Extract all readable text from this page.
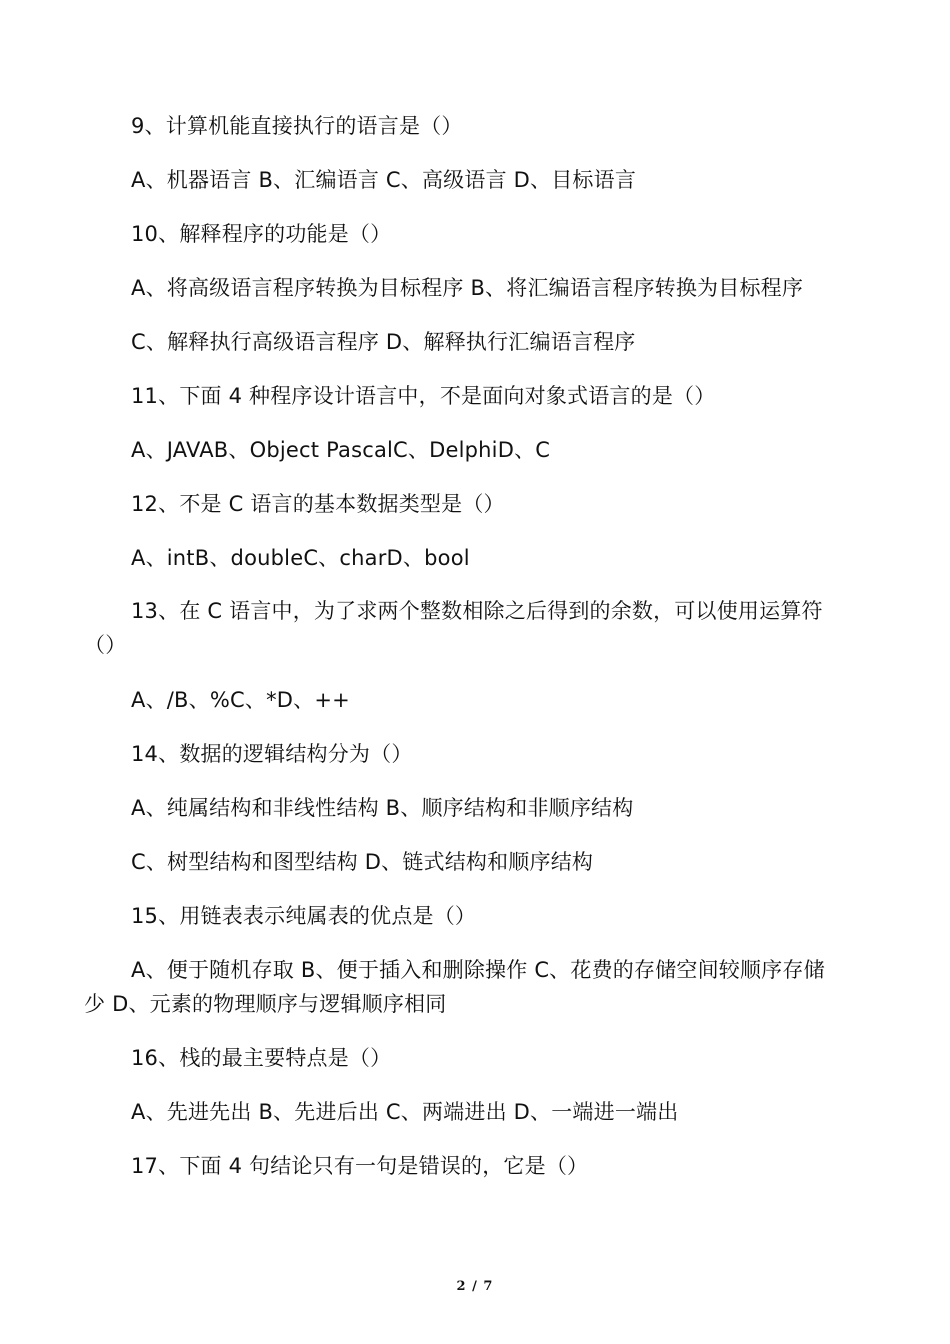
9、计算机能直接执行的语言是（）
A、机器语言 B、汇编语言 C、高级语言 D、目标语言
10、解释程序的功能是（）
A、将高级语言程序转换为目标程序 B、将汇编语言程序转换为目标程序
C、解释执行高级语言程序 D、解释执行汇编语言程序
11、下面 4 种程序设计语言中，不是面向对象式语言的是（）
A、JAVAB、Object PascalC、DelphiD、C
12、不是 C 语言的基本数据类型是（）
A、intB、doubleC、charD、bool
13、在 C 语言中，为了求两个整数相除之后得到的余数，可以使用运算符
（）
A、/B、%C、*D、++
14、数据的逻辑结构分为（）
A、纯属结构和非线性结构 B、顺序结构和非顺序结构
C、树型结构和图型结构 D、链式结构和顺序结构
15、用链表表示纯属表的优点是（）
A、便于随机存取 B、便于插入和删除操作 C、花费的存储空间较顺序存储
少 D、元素的物理顺序与逻辑顺序相同
16、栈的最主要特点是（）
A、先进先出 B、先进后出 C、两端进出 D、一端进一端出
17、下面 4 句结论只有一句是错误的，它是（）
2 / 7
